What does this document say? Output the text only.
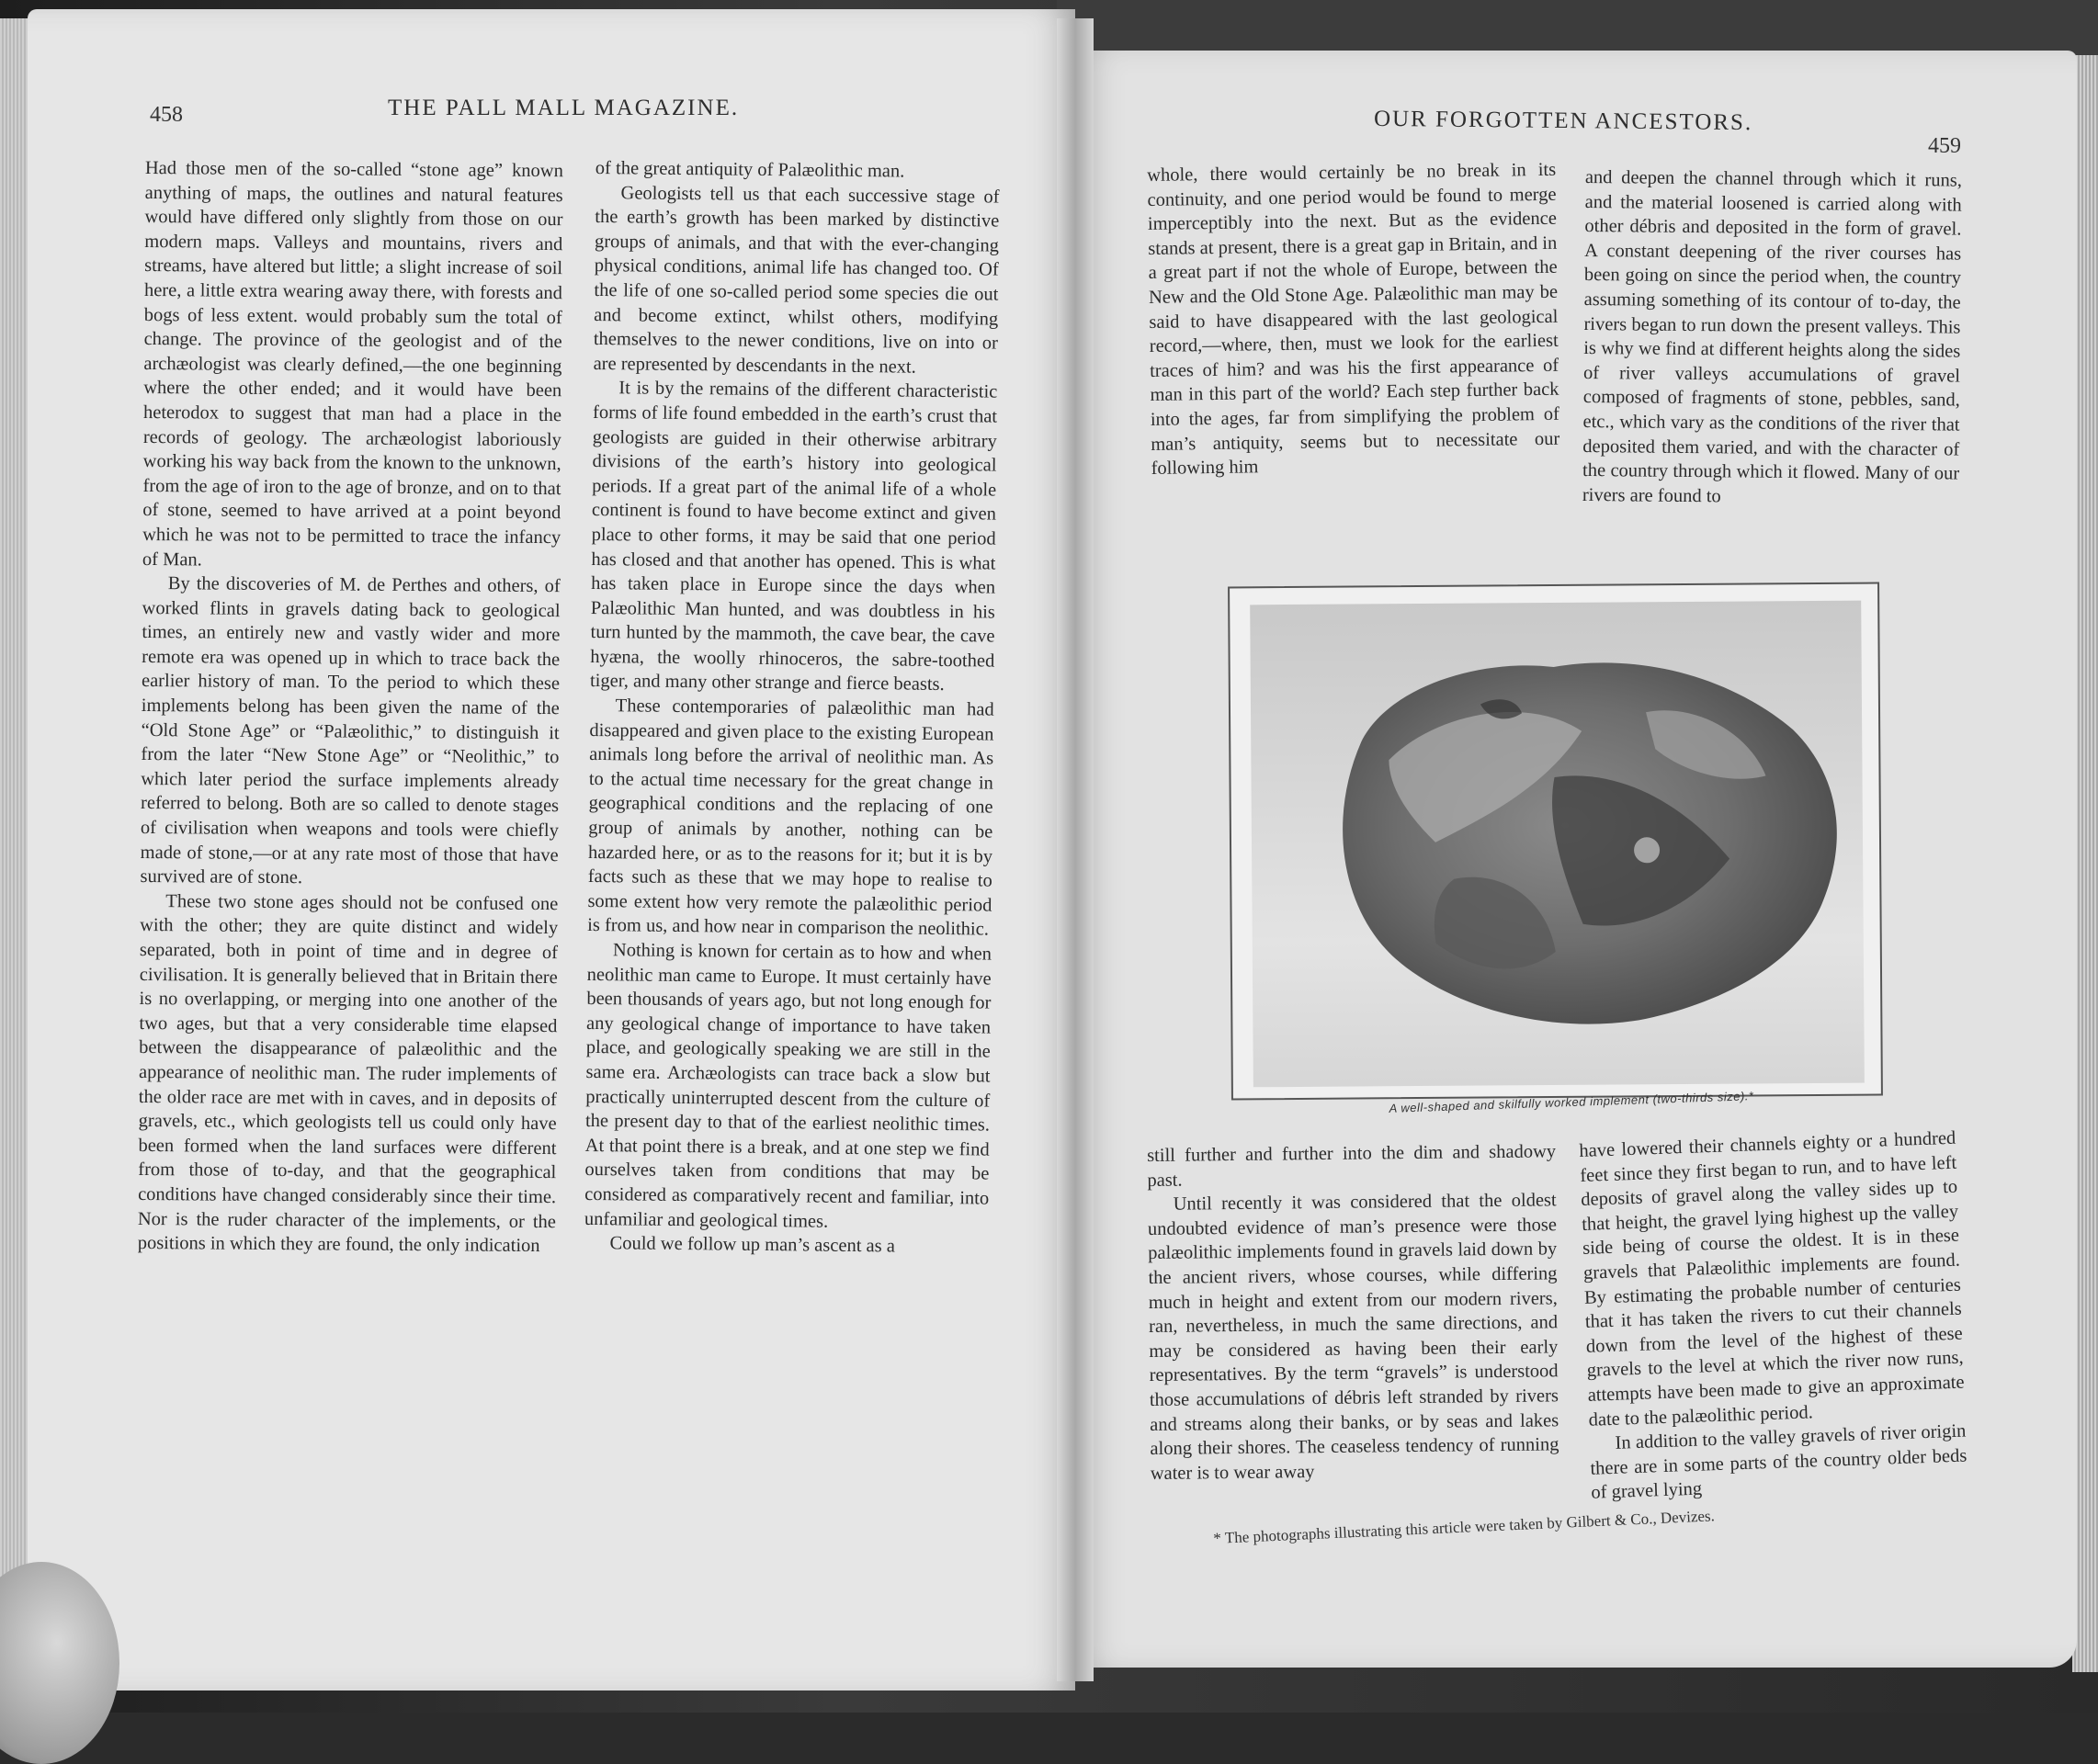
458	THE PALL MALL MAGAZINE.

Had those men of the so-called “stone age” known anything of maps, the outlines and natural features would have differed only slightly from those on our modern maps. Valleys and mountains, rivers and streams, have altered but little; a slight increase of soil here, a little extra wearing away there, with forests and bogs of less extent. would probably sum the total of change. The province of the geologist and of the archæologist was clearly defined,—the one beginning where the other ended; and it would have been heterodox to suggest that man had a place in the records of geology. The archæologist laboriously working his way back from the known to the unknown, from the age of iron to the age of bronze, and on to that of stone, seemed to have arrived at a point beyond which he was not to be permitted to trace the infancy of Man.

By the discoveries of M. de Perthes and others, of worked flints in gravels dating back to geological times, an entirely new and vastly wider and more remote era was opened up in which to trace back the earlier history of man. To the period to which these implements belong has been given the name of the “Old Stone Age” or “Palæolithic,” to distinguish it from the later “New Stone Age” or “Neolithic,” to which later period the surface implements already referred to belong. Both are so called to denote stages of civilisation when weapons and tools were chiefly made of stone,—or at any rate most of those that have survived are of stone.

These two stone ages should not be confused one with the other; they are quite distinct and widely separated, both in point of time and in degree of civilisation. It is generally believed that in Britain there is no overlapping, or merging into one another of the two ages, but that a very considerable time elapsed between the disappearance of palæolithic and the appearance of neolithic man. The ruder implements of the older race are met with in caves, and in deposits of gravels, etc., which geologists tell us could only have been formed when the land surfaces were different from those of to-day, and that the geographical conditions have changed considerably since their time. Nor is the ruder character of the implements, or the positions in which they are found, the only indication

of the great antiquity of Palæolithic man.

Geologists tell us that each successive stage of the earth’s growth has been marked by distinctive groups of animals, and that with the ever-changing physical conditions, animal life has changed too. Of the life of one so-called period some species die out and become extinct, whilst others, modifying themselves to the newer conditions, live on into or are represented by descendants in the next.

It is by the remains of the different characteristic forms of life found embedded in the earth’s crust that geologists are guided in their otherwise arbitrary divisions of the earth’s history into geological periods. If a great part of the animal life of a whole continent is found to have become extinct and given place to other forms, it may be said that one period has closed and that another has opened. This is what has taken place in Europe since the days when Palæolithic Man hunted, and was doubtless in his turn hunted by the mammoth, the cave bear, the cave hyæna, the woolly rhinoceros, the sabre-toothed tiger, and many other strange and fierce beasts.

These contemporaries of palæolithic man had disappeared and given place to the existing European animals long before the arrival of neolithic man. As to the actual time necessary for the great change in geographical conditions and the replacing of one group of animals by another, nothing can be hazarded here, or as to the reasons for it; but it is by facts such as these that we may hope to realise to some extent how very remote the palæolithic period is from us, and how near in comparison the neolithic.

Nothing is known for certain as to how and when neolithic man came to Europe. It must certainly have been thousands of years ago, but not long enough for any geological change of importance to have taken place, and geologically speaking we are still in the same era. Archæologists can trace back a slow but practically uninterrupted descent from the culture of the present day to that of the earliest neolithic times. At that point there is a break, and at one step we find ourselves taken from conditions that may be considered as comparatively recent and familiar, into unfamiliar and geological times.

Could we follow up man’s ascent as a

OUR FORGOTTEN ANCESTORS.
459

whole, there would certainly be no break in its continuity, and one period would be found to merge imperceptibly into the next. But as the evidence stands at present, there is a great gap in Britain, and in a great part if not the whole of Europe, between the New and the Old Stone Age. Palæolithic man may be said to have disappeared with the last geological record,—where, then, must we look for the earliest traces of him? and was his the first appearance of man in this part of the world? Each step further back into the ages, far from simplifying the problem of man’s antiquity, seems but to necessitate our following him

and deepen the channel through which it runs, and the material loosened is carried along with other débris and deposited in the form of gravel. A constant deepening of the river courses has been going on since the period when, the country assuming something of its contour of to-day, the rivers began to run down the present valleys. This is why we find at different heights along the sides of river valleys accumulations of gravel composed of fragments of stone, pebbles, sand, etc., which vary as the conditions of the river that deposited them varied, and with the character of the country through which it flowed. Many of our rivers are found to

A well-shaped and skilfully worked implement (two-thirds size).*

still further and further into the dim and shadowy past.

Until recently it was considered that the oldest undoubted evidence of man’s presence were those palæolithic implements found in gravels laid down by the ancient rivers, whose courses, while differing much in height and extent from our modern rivers, ran, nevertheless, in much the same directions, and may be considered as having been their early representatives. By the term “gravels” is understood those accumulations of débris left stranded by rivers and streams along their banks, or by seas and lakes along their shores. The ceaseless tendency of running water is to wear away

have lowered their channels eighty or a hundred feet since they first began to run, and to have left deposits of gravel along the valley sides up to that height, the gravel lying highest up the valley side being of course the oldest. It is in these gravels that Palæolithic implements are found. By estimating the probable number of centuries that it has taken the rivers to cut their channels down from the level of the highest of these gravels to the level at which the river now runs, attempts have been made to give an approximate date to the palæolithic period.

In addition to the valley gravels of river origin there are in some parts of the country older beds of gravel lying

* The photographs illustrating this article were taken by Gilbert & Co., Devizes.
